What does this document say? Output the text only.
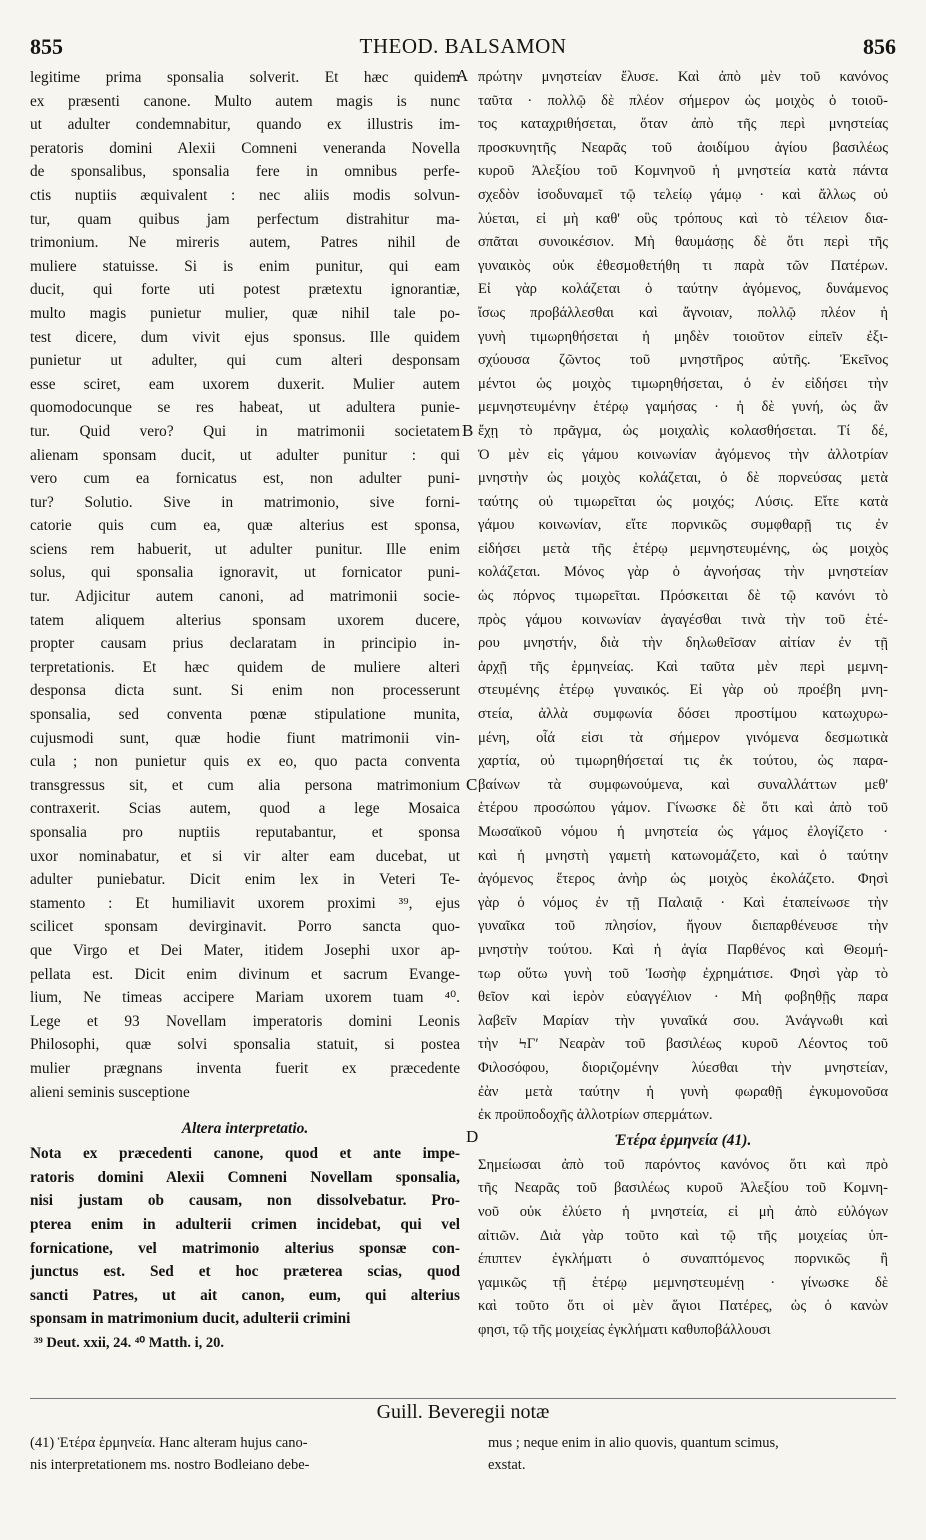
855	THEOD. BALSAMON	856
legitime prima sponsalia solverit. Et hæc quidem
ex præsenti canone. Multo autem magis is nunc
ut adulter condemnabitur, quando ex illustris im-
peratoris domini Alexii Comneni veneranda Novella
de sponsalibus, sponsalia fere in omnibus perfe-
ctis nuptiis æquivalent : nec aliis modis solvun-
tur, quam quibus jam perfectum distrahitur ma-
trimonium. Ne mireris autem, Patres nihil de
muliere statuisse. Si is enim punitur, qui eam
ducit, qui forte uti potest prætextu ignorantiæ,
multo magis punietur mulier, quæ nihil tale po-
test dicere, dum vivit ejus sponsus. Ille quidem
punietur ut adulter, qui cum alteri desponsam
esse sciret, eam uxorem duxerit. Mulier autem
quomodocunque se res habeat, ut adultera punie-
tur. Quid vero? Qui in matrimonii societatem
alienam sponsam ducit, ut adulter punitur : qui
vero cum ea fornicatus est, non adulter puni-
tur? Solutio. Sive in matrimonio, sive forni-
catorie quis cum ea, quæ alterius est sponsa,
sciens rem habuerit, ut adulter punitur. Ille enim
solus, qui sponsalia ignoravit, ut fornicator puni-
tur. Adjicitur autem canoni, ad matrimonii socie-
tatem aliquem alterius sponsam uxorem ducere,
propter causam prius declaratam in principio in-
terpretationis. Et hæc quidem de muliere alteri
desponsa dicta sunt. Si enim non processerunt
sponsalia, sed conventa pœnæ stipulatione munita,
cujusmodi sunt, quæ hodie fiunt matrimonii vin-
cula ; non punietur quis ex eo, quo pacta conventa
transgressus sit, et cum alia persona matrimonium
contraxerit. Scias autem, quod a lege Mosaica
sponsalia pro nuptiis reputabantur, et sponsa
uxor nominabatur, et si vir alter eam ducebat, ut
adulter puniebatur. Dicit enim lex in Veteri Te-
stamento : Et humiliavit uxorem proximi ³⁹, ejus
scilicet sponsam devirginavit. Porro sancta quo-
que Virgo et Dei Mater, itidem Josephi uxor ap-
pellata est. Dicit enim divinum et sacrum Evange-
lium, Ne timeas accipere Mariam uxorem tuam ⁴⁰.
Lege et 93 Novellam imperatoris domini Leonis
Philosophi, quæ solvi sponsalia statuit, si postea
mulier prægnans inventa fuerit ex præcedente
alieni seminis susceptione
Altera interpretatio.
Nota ex præcedenti canone, quod et ante impe-
ratoris domini Alexii Comneni Novellam sponsalia,
nisi justam ob causam, non dissolvebatur. Pro-
pterea enim in adulterii crimen incidebat, qui vel
fornicatione, vel matrimonio alterius sponsæ con-
junctus est. Sed et hoc præterea scias, quod
sancti Patres, ut ait canon, eum, qui alterius
sponsam in matrimonium ducit, adulterii crimini
³⁹ Deut. xxii, 24. ⁴⁰ Matth. i, 20.
πρώτην μνηστείαν ἔλυσε. Καὶ ἀπὸ μὲν τοῦ κανόνος
ταῦτα · πολλῷ δὲ πλέον σήμερον ὡς μοιχὸς ὁ τοιοῦ-
τος καταχριθήσεται, ὅταν ἀπὸ τῆς περὶ μνηστείας
προσκυνητῆς Νεαρᾶς τοῦ ἀοιδίμου ἁγίου βασιλέως
κυροῦ Ἀλεξίου τοῦ Κομνηνοῦ ἡ μνηστεία κατὰ πάντα
σχεδὸν ἰσοδυναμεῖ τῷ τελείῳ γάμῳ · καὶ ἄλλως οὐ
λύεται, εἰ μὴ καθ' οὓς τρόπους καὶ τὸ τέλειον δια-
σπᾶται συνοικέσιον. Μὴ θαυμάσῃς δὲ ὅτι περὶ τῆς
γυναικὸς οὐκ ἐθεσμοθετήθη τι παρὰ τῶν Πατέρων.
Εἰ γὰρ κολάζεται ὁ ταύτην ἀγόμενος, δυνάμενος
ἴσως προβάλλεσθαι καὶ ἄγνοιαν, πολλῷ πλέον ἡ
γυνὴ τιμωρηθήσεται ἡ μηδὲν τοιοῦτον εἰπεῖν ἐξι-
σχύουσα ζῶντος τοῦ μνηστῆρος αὐτῆς. Ἐκεῖνος
μέντοι ὡς μοιχὸς τιμωρηθήσεται, ὁ ἐν εἰδήσει τὴν
μεμνηστευμένην ἑτέρῳ γαμήσας · ἡ δὲ γυνή, ὡς ἂν
ἔχῃ τὸ πρᾶγμα, ὡς μοιχαλὶς κολασθήσεται. Τί δέ,
Ὁ μὲν εἰς γάμου κοινωνίαν ἀγόμενος τὴν ἀλλοτρίαν
μνηστὴν ὡς μοιχὸς κολάζεται, ὁ δὲ πορνεύσας μετὰ
ταύτης οὐ τιμωρεῖται ὡς μοιχός; Λύσις. Εἴτε κατὰ
γάμου κοινωνίαν, εἴτε πορνικῶς συμφθαρῇ τις ἐν
εἰδήσει μετὰ τῆς ἑτέρῳ μεμνηστευμένης, ὡς μοιχὸς
κολάζεται. Μόνος γὰρ ὁ ἀγνοήσας τὴν μνηστείαν
ὡς πόρνος τιμωρεῖται. Πρόσκειται δὲ τῷ κανόνι τὸ
πρὸς γάμου κοινωνίαν ἀγαγέσθαι τινὰ τὴν τοῦ ἑτέ-
ρου μνηστήν, διὰ τὴν δηλωθεῖσαν αἰτίαν ἐν τῇ
ἀρχῇ τῆς ἑρμηνείας. Καὶ ταῦτα μὲν περὶ μεμνη-
στευμένης ἑτέρῳ γυναικός. Εἰ γὰρ οὐ προέβη μνη-
στεία, ἀλλὰ συμφωνία δόσει προστίμου κατωχυρω-
μένη, οἷά εἰσι τὰ σήμερον γινόμενα δεσμωτικὰ
χαρτία, οὐ τιμωρηθήσεταί τις ἐκ τούτου, ὡς παρα-
βαίνων τὰ συμφωνούμενα, καὶ συναλλάττων μεθ'
ἑτέρου προσώπου γάμον. Γίνωσκε δὲ ὅτι καὶ ἀπὸ τοῦ
Μωσαϊκοῦ νόμου ἡ μνηστεία ὡς γάμος ἐλογίζετο ·
καὶ ἡ μνηστὴ γαμετὴ κατωνομάζετο, καὶ ὁ ταύτην
ἀγόμενος ἕτερος ἀνὴρ ὡς μοιχὸς ἐκολάζετο. Φησὶ
γὰρ ὁ νόμος ἐν τῇ Παλαιᾷ · Καὶ ἐταπείνωσε τὴν
γυναῖκα τοῦ πλησίον, ἤγουν διεπαρθένευσε τὴν
μνηστὴν τούτου. Καὶ ἡ ἁγία Παρθένος καὶ Θεομή-
τωρ οὕτω γυνὴ τοῦ Ἰωσὴφ ἐχρημάτισε. Φησὶ γὰρ τὸ
θεῖον καὶ ἱερὸν εὐαγγέλιον · Μὴ φοβηθῇς παρα
λαβεῖν Μαρίαν τὴν γυναῖκά σου. Ἀνάγνωθι καὶ
τὴν ϞΓʹ Νεαρὰν τοῦ βασιλέως κυροῦ Λέοντος τοῦ
Φιλοσόφου, διοριζομένην λύεσθαι τὴν μνηστείαν,
ἐὰν μετὰ ταύτην ἡ γυνὴ φωραθῇ ἐγκυμονοῦσα
ἐκ προϋποδοχῆς ἀλλοτρίων σπερμάτων.
Ἑτέρα ἑρμηνεία (41).
Σημείωσαι ἀπὸ τοῦ παρόντος κανόνος ὅτι καὶ πρὸ
τῆς Νεαρᾶς τοῦ βασιλέως κυροῦ Ἀλεξίου τοῦ Κομνη-
νοῦ οὐκ ἐλύετο ἡ μνηστεία, εἰ μὴ ἀπὸ εὐλόγων
αἰτιῶν. Διὰ γὰρ τοῦτο καὶ τῷ τῆς μοιχείας ὑπ-
έπιπτεν ἐγκλήματι ὁ συναπτόμενος πορνικῶς ἢ
γαμικῶς τῇ ἑτέρῳ μεμνηστευμένῃ · γίνωσκε δὲ
καὶ τοῦτο ὅτι οἱ μὲν ἅγιοι Πατέρες, ὡς ὁ κανὼν
φησι, τῷ τῆς μοιχείας ἐγκλήματι καθυποβάλλουσι
A
B
C
D
Guill. Beveregii notæ
(41) Ἑτέρα ἑρμηνεία. Hanc alteram hujus cano-
nis interpretationem ms. nostro Bodleiano debe-
mus ; neque enim in alio quovis, quantum scimus,
exstat.
